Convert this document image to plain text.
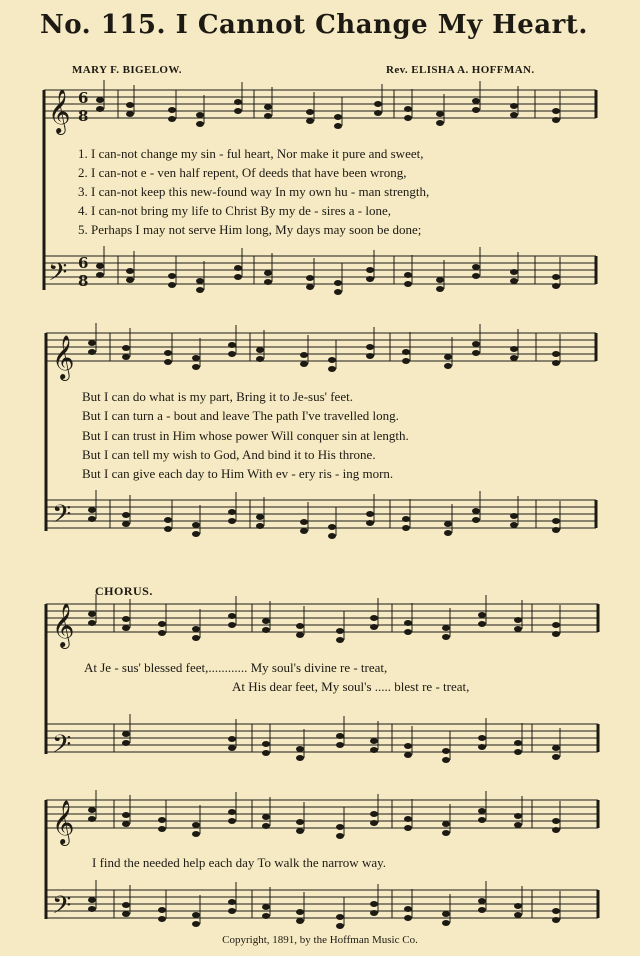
No. 115. I Cannot Change My Heart.
MARY F. BIGELOW.	Rev. ELISHA A. HOFFMAN.
𝄞
𝄢
𝄞
𝄢
𝄞
𝄢
𝄞
𝄢
6
8
6
8
1. I can-not change my sin - ful heart, Nor make it pure and sweet,
2. I can-not e - ven half repent, Of deeds that have been wrong,
3. I can-not keep this new-found way In my own hu - man strength,
4. I can-not bring my life to Christ By my de - sires a - lone,
5. Perhaps I may not serve Him long, My days may soon be done;
But I can do what is my part, Bring it to Je-sus' feet.
But I can turn a - bout and leave The path I've travelled long.
But I can trust in Him whose power Will conquer sin at length.
But I can tell my wish to God, And bind it to His throne.
But I can give each day to Him With ev - ery ris - ing morn.
CHORUS.
At Je - sus' blessed feet,............ My soul's divine re - treat,
At His dear feet, My soul's ..... blest re - treat,
I find the needed help each day To walk the narrow way.
Copyright, 1891, by the Hoffman Music Co.
